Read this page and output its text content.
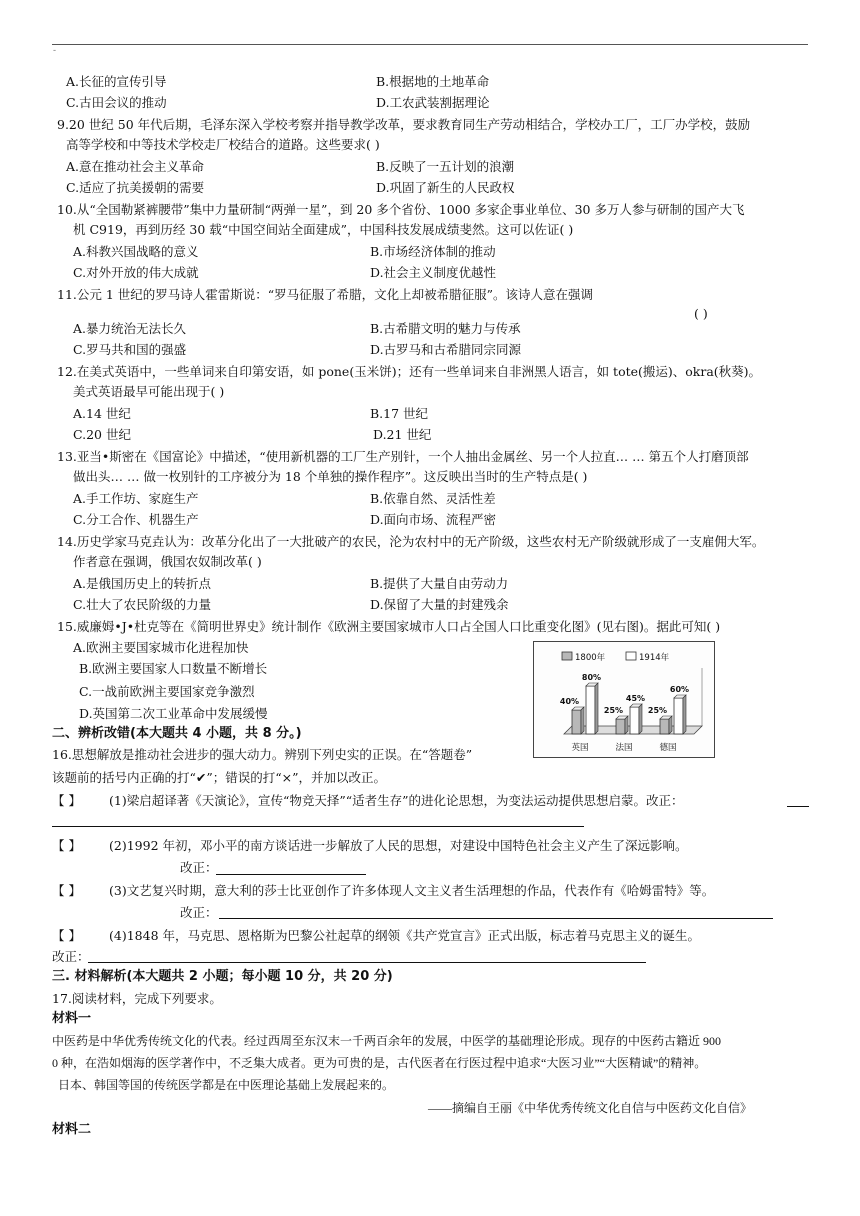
-
A.长征的宣传引导	B.根据地的土地革命
C.古田会议的推动	D.工农武装割据理论
9.20 世纪 50 年代后期，毛泽东深入学校考察并指导教学改革，要求教育同生产劳动相结合，学校办工厂，工厂办学校，鼓励
高等学校和中等技术学校走厂校结合的道路。这些要求( )
A.意在推动社会主义革命	B.反映了一五计划的浪潮
C.适应了抗美援朝的需要	D.巩固了新生的人民政权
10.从“全国勒紧裤腰带”集中力量研制“两弹一星”，到 20 多个省份、1000 多家企事业单位、30 多万人参与研制的国产大飞
机 C919，再到历经 30 载“中国空间站全面建成”，中国科技发展成绩斐然。这可以佐证( )
A.科教兴国战略的意义	B.市场经济体制的推动
C.对外开放的伟大成就	D.社会主义制度优越性
11.公元 1 世纪的罗马诗人霍雷斯说：“罗马征服了希腊，文化上却被希腊征服”。该诗人意在强调
( )
A.暴力统治无法长久	B.古希腊文明的魅力与传承
C.罗马共和国的强盛	D.古罗马和古希腊同宗同源
12.在美式英语中，一些单词来自印第安语，如 pone(玉米饼)；还有一些单词来自非洲黑人语言，如 tote(搬运)、okra(秋葵)。
美式英语最早可能出现于( )
A.14 世纪	B.17 世纪
C.20 世纪	D.21 世纪
13.亚当•斯密在《国富论》中描述，“使用新机器的工厂生产别针，一个人抽出金属丝、另一个人拉直… … 第五个人打磨顶部
做出头… … 做一枚别针的工序被分为 18 个单独的操作程序”。这反映出当时的生产特点是( )
A.手工作坊、家庭生产	B.依靠自然、灵活性差
C.分工合作、机器生产	D.面向市场、流程严密
14.历史学家马克垚认为：改革分化出了一大批破产的农民，沦为农村中的无产阶级，这些农村无产阶级就形成了一支雇佣大军。
作者意在强调，俄国农奴制改革( )
A.是俄国历史上的转折点	B.提供了大量自由劳动力
C.壮大了农民阶级的力量	D.保留了大量的封建残余
15.威廉姆•J•杜克等在《简明世界史》统计制作《欧洲主要国家城市人口占全国人口比重变化图》(见右图)。据此可知( )
A.欧洲主要国家城市化进程加快
B.欧洲主要国家人口数量不断增长
C.一战前欧洲主要国家竞争激烈
D.英国第二次工业革命中发展缓慢
1800年	1914年
40%
80%
英国
25%
45%
法国
25%
60%
德国
二、辨析改错(本大题共 4 小题，共 8 分。)
16.思想解放是推动社会进步的强大动力。辨别下列史实的正误。在“答题卷”
该题前的括号内正确的打“✔”；错误的打“×”，并加以改正。
【 】 (1)梁启超译著《天演论》，宣传“物竞天择”“适者生存”的进化论思想，为变法运动提供思想启蒙。改正：
【 】 (2)1992 年初，邓小平的南方谈话进一步解放了人民的思想，对建设中国特色社会主义产生了深远影响。
改正：
【 】 (3)文艺复兴时期，意大利的莎士比亚创作了许多体现人文主义者生活理想的作品，代表作有《哈姆雷特》等。
改正：
【 】 (4)1848 年，马克思、恩格斯为巴黎公社起草的纲领《共产党宣言》正式出版，标志着马克思主义的诞生。
改正：
三. 材料解析(本大题共 2 小题；每小题 10 分，共 20 分)
17.阅读材料，完成下列要求。
材料一
中医药是中华优秀传统文化的代表。经过西周至东汉末一千两百余年的发展，中医学的基础理论形成。现存的中医药古籍近 900
0 种，在浩如烟海的医学著作中，不乏集大成者。更为可贵的是，古代医者在行医过程中追求“大医习业”“大医精诚”的精神。
日本、韩国等国的传统医学都是在中医理论基础上发展起来的。
——摘编自王丽《中华优秀传统文化自信与中医药文化自信》
材料二
